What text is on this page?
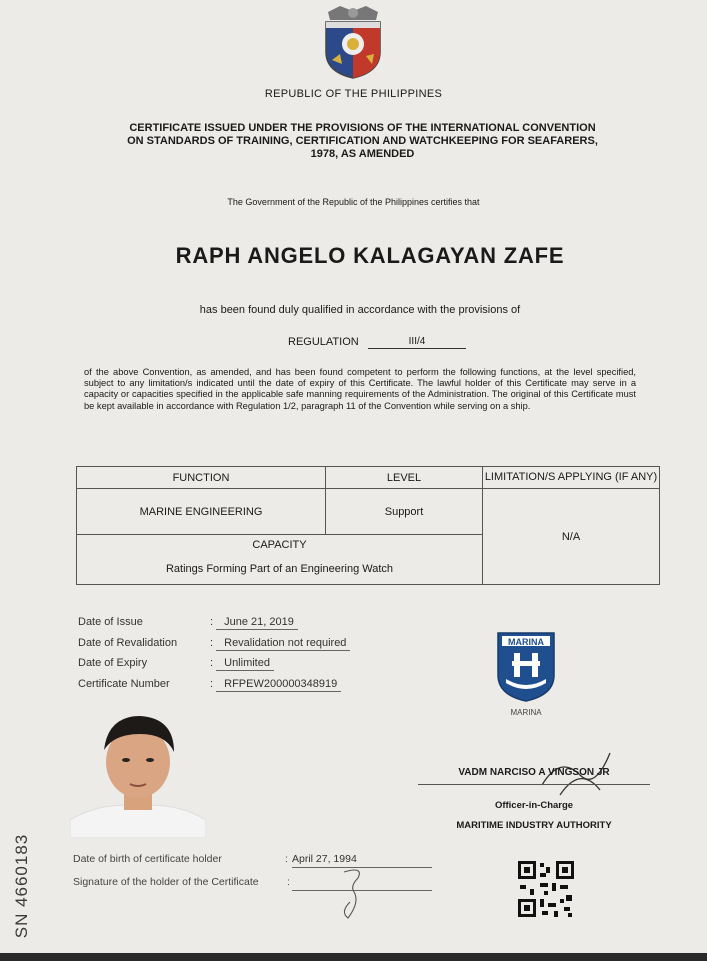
REPUBLIC OF THE PHILIPPINES
CERTIFICATE ISSUED UNDER THE PROVISIONS OF THE INTERNATIONAL CONVENTION ON STANDARDS OF TRAINING, CERTIFICATION AND WATCHKEEPING FOR SEAFARERS, 1978, AS AMENDED
The Government of the Republic of the Philippines certifies that
RAPH ANGELO KALAGAYAN ZAFE
has been found duly qualified in accordance with the provisions of
REGULATION	III/4
of the above Convention, as amended, and has been found competent to perform the following functions, at the level specified, subject to any limitation/s indicated until the date of expiry of this Certificate. The lawful holder of this Certificate may serve in a capacity or capacities specified in the applicable safe manning requirements of the Administration. The original of this Certificate must be kept available in accordance with Regulation 1/2, paragraph 11 of the Convention while serving on a ship.
FUNCTION	LEVEL	LIMITATION/S APPLYING (IF ANY)
MARINE ENGINEERING	Support	N/A
CAPACITY		
Ratings Forming Part of an Engineering Watch		
Date of Issue	: June 21, 2019
Date of Revalidation	: Revalidation not required
Date of Expiry	: Unlimited
Certificate Number	: RFPEW200000348919
MARINA
MARINA
VADM NARCISO A VINGSON JR
Officer-in-Charge
MARITIME INDUSTRY AUTHORITY
Date of birth of certificate holder	: April 27, 1994
Signature of the holder of the Certificate	:
SN 4660183
